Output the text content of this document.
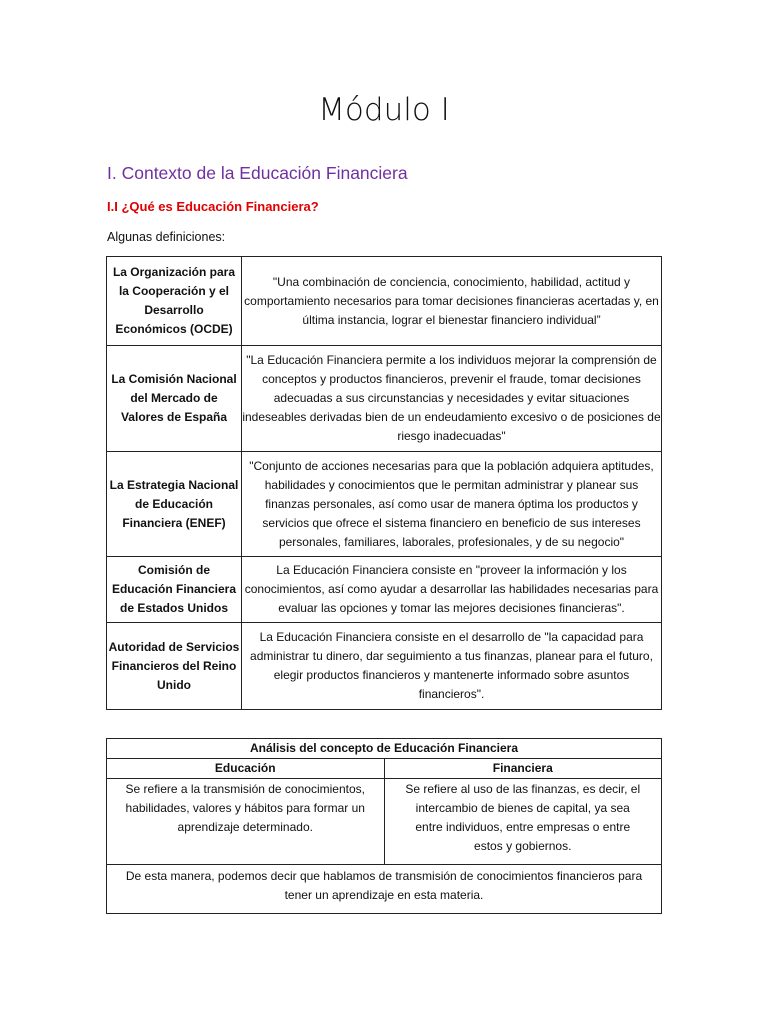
Módulo I
I. Contexto de la Educación Financiera
I.I ¿Qué es Educación Financiera?
Algunas definiciones:
La Organización para la Cooperación y el Desarrollo Económicos (OCDE)	"Una combinación de conciencia, conocimiento, habilidad, actitud y comportamiento necesarios para tomar decisiones financieras acertadas y, en última instancia, lograr el bienestar financiero individual”
La Comisión Nacional del Mercado de Valores de España	"La Educación Financiera permite a los individuos mejorar la comprensión de conceptos y productos financieros, prevenir el fraude, tomar decisiones adecuadas a sus circunstancias y necesidades y evitar situaciones indeseables derivadas bien de un endeudamiento excesivo o de posiciones de riesgo inadecuadas"
La Estrategia Nacional de Educación Financiera (ENEF)	"Conjunto de acciones necesarias para que la población adquiera aptitudes, habilidades y conocimientos que le permitan administrar y planear sus finanzas personales, así como usar de manera óptima los productos y servicios que ofrece el sistema financiero en beneficio de sus intereses personales, familiares, laborales, profesionales, y de su negocio"
Comisión de Educación Financiera de Estados Unidos	La Educación Financiera consiste en "proveer la información y los conocimientos, así como ayudar a desarrollar las habilidades necesarias para evaluar las opciones y tomar las mejores decisiones financieras".
Autoridad de Servicios Financieros del Reino Unido	La Educación Financiera consiste en el desarrollo de "la capacidad para administrar tu dinero, dar seguimiento a tus finanzas, planear para el futuro, elegir productos financieros y mantenerte informado sobre asuntos financieros".
Análisis del concepto de Educación Financiera	
Educación	Financiera
Se refiere a la transmisión de conocimientos, habilidades, valores y hábitos para formar un aprendizaje determinado.	Se refiere al uso de las finanzas, es decir, el intercambio de bienes de capital, ya sea entre individuos, entre empresas o entre estos y gobiernos.
De esta manera, podemos decir que hablamos de transmisión de conocimientos financieros para tener un aprendizaje en esta materia.	
